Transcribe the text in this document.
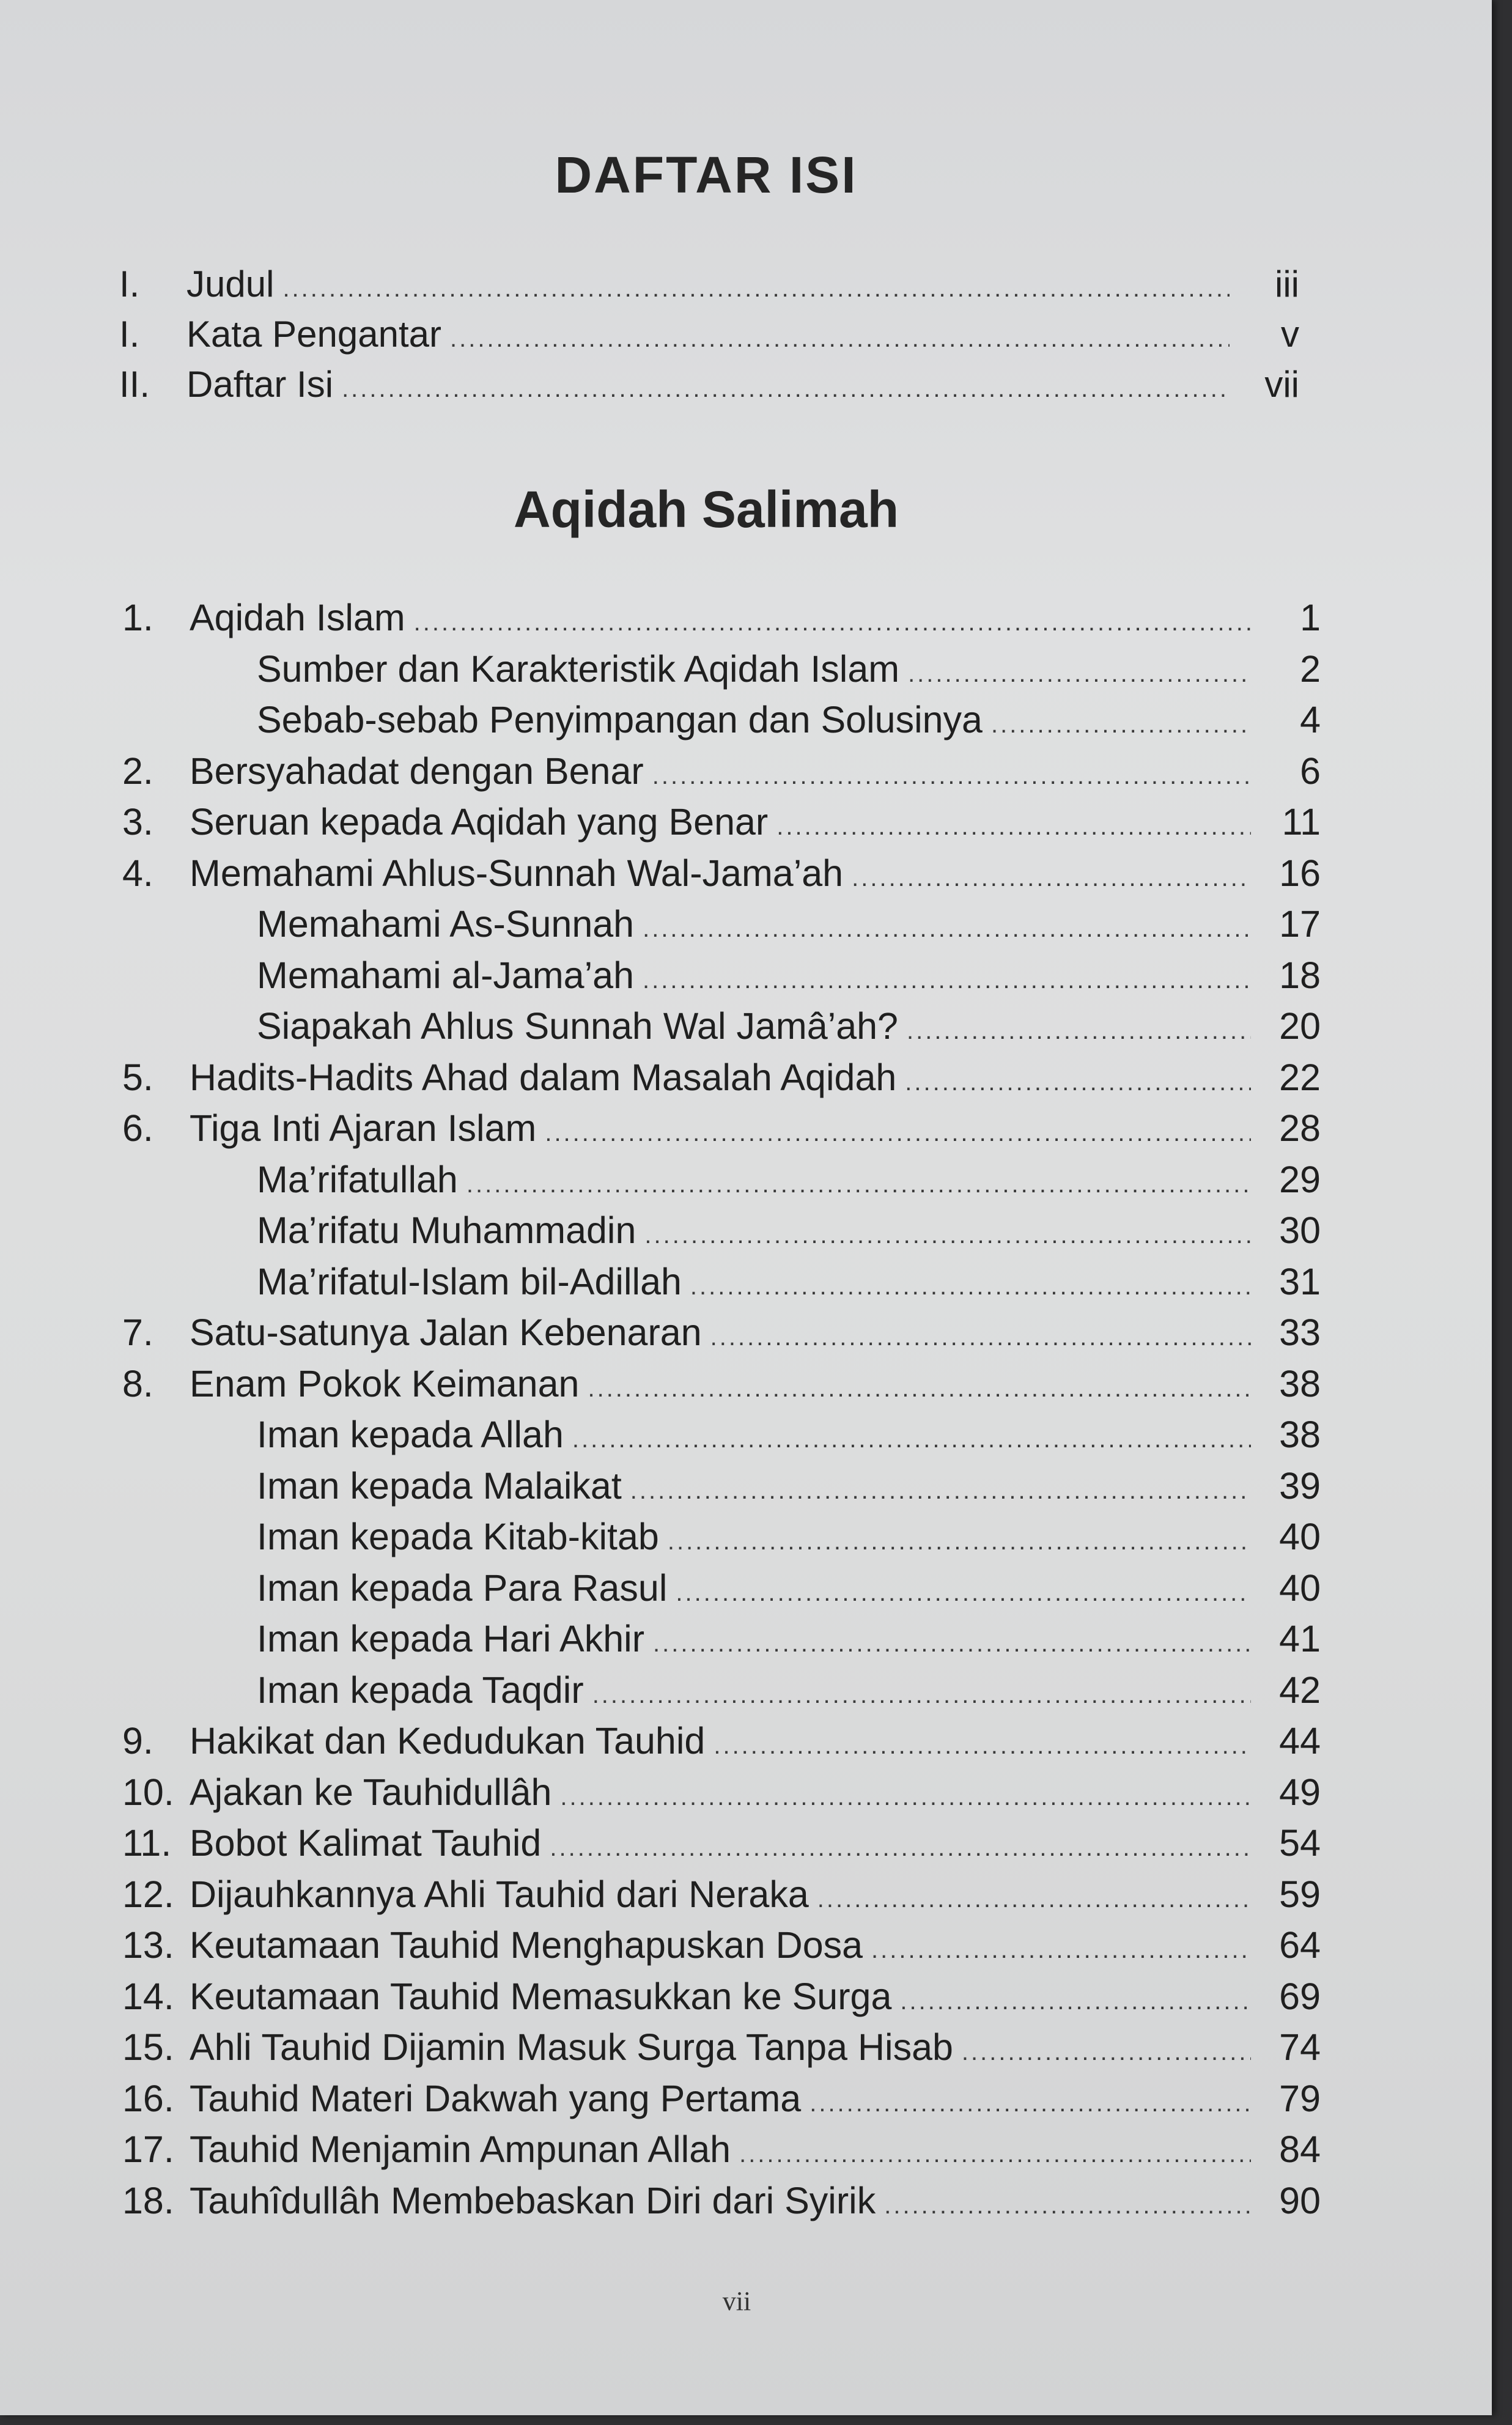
DAFTAR ISI
I.	Judul .....	iii
I.	Kata Pengantar .....	v
II. Daftar Isi .....	vii
Aqidah Salimah
1. Aqidah Islam .....	1
Sumber dan Karakteristik Aqidah Islam .....	2
Sebab-sebab Penyimpangan dan Solusinya .....	4
2. Bersyahadat dengan Benar .....	6
3. Seruan kepada Aqidah yang Benar .....	11
4. Memahami Ahlus-Sunnah Wal-Jama’ah .....	16
Memahami As-Sunnah .....	17
Memahami al-Jama’ah .....	18
Siapakah Ahlus Sunnah Wal Jamâ’ah? .....	20
5. Hadits-Hadits Ahad dalam Masalah Aqidah .....	22
6. Tiga Inti Ajaran Islam .....	28
Ma’rifatullah .....	29
Ma’rifatu Muhammadin .....	30
Ma’rifatul-Islam bil-Adillah .....	31
7. Satu-satunya Jalan Kebenaran .....	33
8. Enam Pokok Keimanan .....	38
Iman kepada Allah .....	38
Iman kepada Malaikat .....	39
Iman kepada Kitab-kitab .....	40
Iman kepada Para Rasul .....	40
Iman kepada Hari Akhir .....	41
Iman kepada Taqdir .....	42
9. Hakikat dan Kedudukan Tauhid .....	44
10. Ajakan ke Tauhidullâh .....	49
11. Bobot Kalimat Tauhid .....	54
12. Dijauhkannya Ahli Tauhid dari Neraka .....	59
13. Keutamaan Tauhid Menghapuskan Dosa .....	64
14. Keutamaan Tauhid Memasukkan ke Surga .....	69
15. Ahli Tauhid Dijamin Masuk Surga Tanpa Hisab .....	74
16. Tauhid Materi Dakwah yang Pertama .....	79
17. Tauhid Menjamin Ampunan Allah .....	84
18. Tauhîdullâh Membebaskan Diri dari Syirik .....	90
vii
